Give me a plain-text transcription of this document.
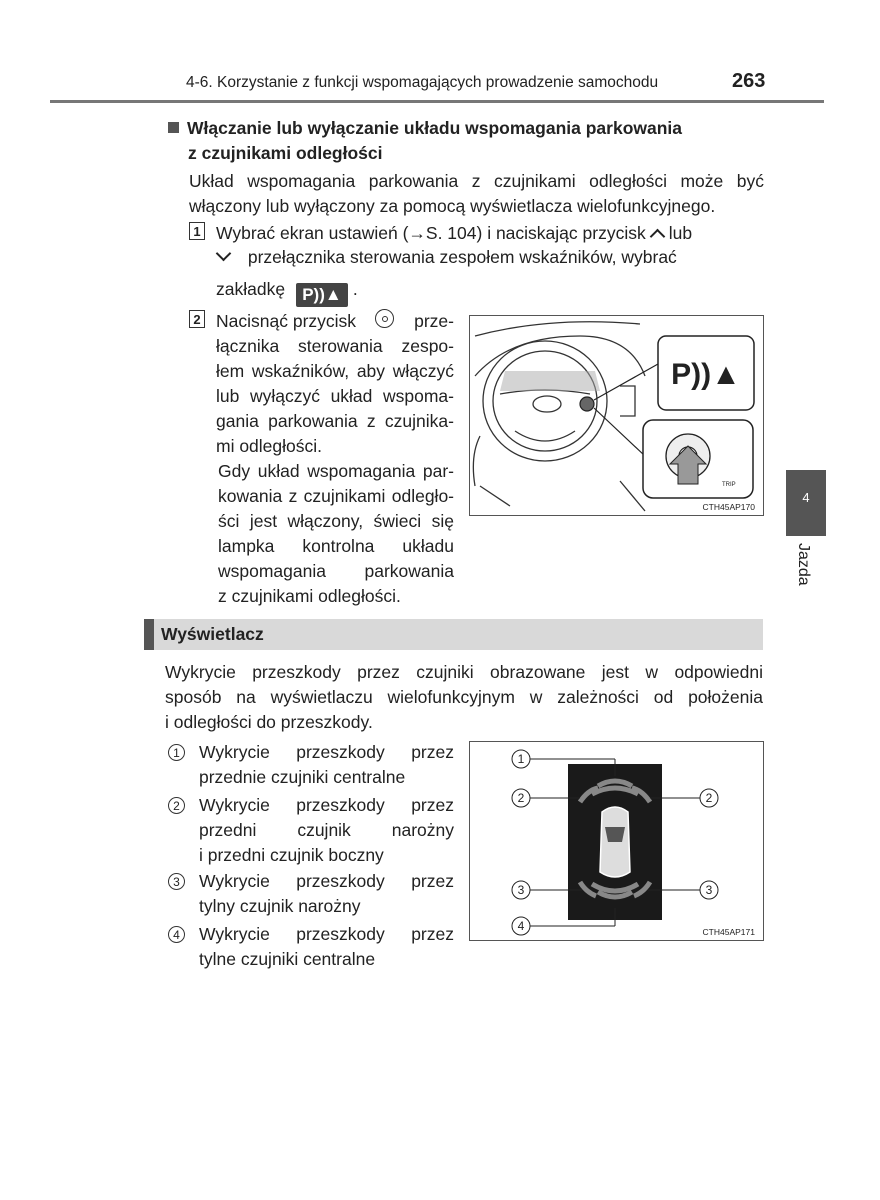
4-6. Korzystanie z funkcji wspomagających prowadzenie samochodu	263
Włączanie lub wyłączanie układu wspomagania parkowania
z czujnikami odległości
Układ wspomagania parkowania z czujnikami odległości może być
włączony lub wyłączony za pomocą wyświetlacza wielofunkcyjnego.
1 Wybrać ekran ustawień (→S. 104) i naciskając przycisk lub
przełącznika sterowania zespołem wskaźników, wybrać
zakładkę P))▲ .
2 Nacisnąć przycisk	prze-
łącznika sterowania zespo-
łem wskaźników, aby włączyć
lub wyłączyć układ wspoma-
gania parkowania z czujnika-
mi odległości.
Gdy układ wspomagania par-
kowania z czujnikami odległo-
ści jest włączony, świeci się
lampka kontrolna układu
wspomagania parkowania
z czujnikami odległości.
P))▲
TRIP
CTH45AP170
Wyświetlacz
Wykrycie przeszkody przez czujniki obrazowane jest w odpowiedni
sposób na wyświetlaczu wielofunkcyjnym w zależności od położenia
i odległości do przeszkody.
1 Wykrycie przeszkody przez
przednie czujniki centralne
2 Wykrycie przeszkody przez
przedni czujnik narożny
i przedni czujnik boczny
3 Wykrycie przeszkody przez
tylny czujnik narożny
4 Wykrycie przeszkody przez
tylne czujniki centralne
1
2	2
3	3
4	CTH45AP171
4
Jazda
